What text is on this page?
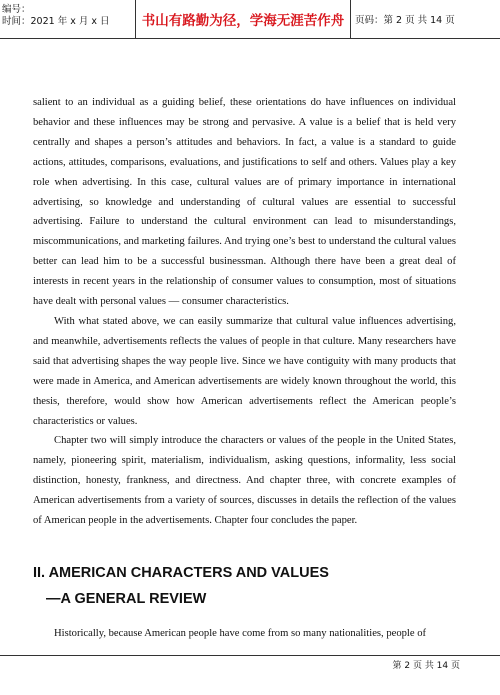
编号：
时间：2021 年 x 月 x 日	书山有路勤为径，学海无涯苦作舟	页码：第 2 页 共 14 页

salient to an individual as a guiding belief, these orientations do have influences on individual behavior and these influences may be strong and pervasive. A value is a belief that is held very centrally and shapes a person’s attitudes and behaviors. In fact, a value is a standard to guide actions, attitudes, comparisons, evaluations, and justifications to self and others. Values play a key role when advertising. In this case, cultural values are of primary importance in international advertising, so knowledge and understanding of cultural values are essential to successful advertising. Failure to understand the cultural environment can lead to misunderstandings, miscommunications, and marketing failures. And trying one’s best to understand the cultural values better can lead him to be a successful businessman. Although there have been a great deal of interests in recent years in the relationship of consumer values to consumption, most of situations have dealt with personal values — consumer characteristics.

With what stated above, we can easily summarize that cultural value influences advertising, and meanwhile, advertisements reflects the values of people in that culture. Many researchers have said that advertising shapes the way people live. Since we have contiguity with many products that were made in America, and American advertisements are widely known throughout the world, this thesis, therefore, would show how American advertisements reflect the American people’s characteristics or values.

Chapter two will simply introduce the characters or values of the people in the United States, namely, pioneering spirit, materialism, individualism, asking questions, informality, less social distinction, honesty, frankness, and directness. And chapter three, with concrete examples of American advertisements from a variety of sources, discusses in details the reflection of the values of American people in the advertisements. Chapter four concludes the paper.

II. AMERICAN CHARACTERS AND VALUES
—A GENERAL REVIEW
Historically, because American people have come from so many nationalities, people of
第 2 页 共 14 页
